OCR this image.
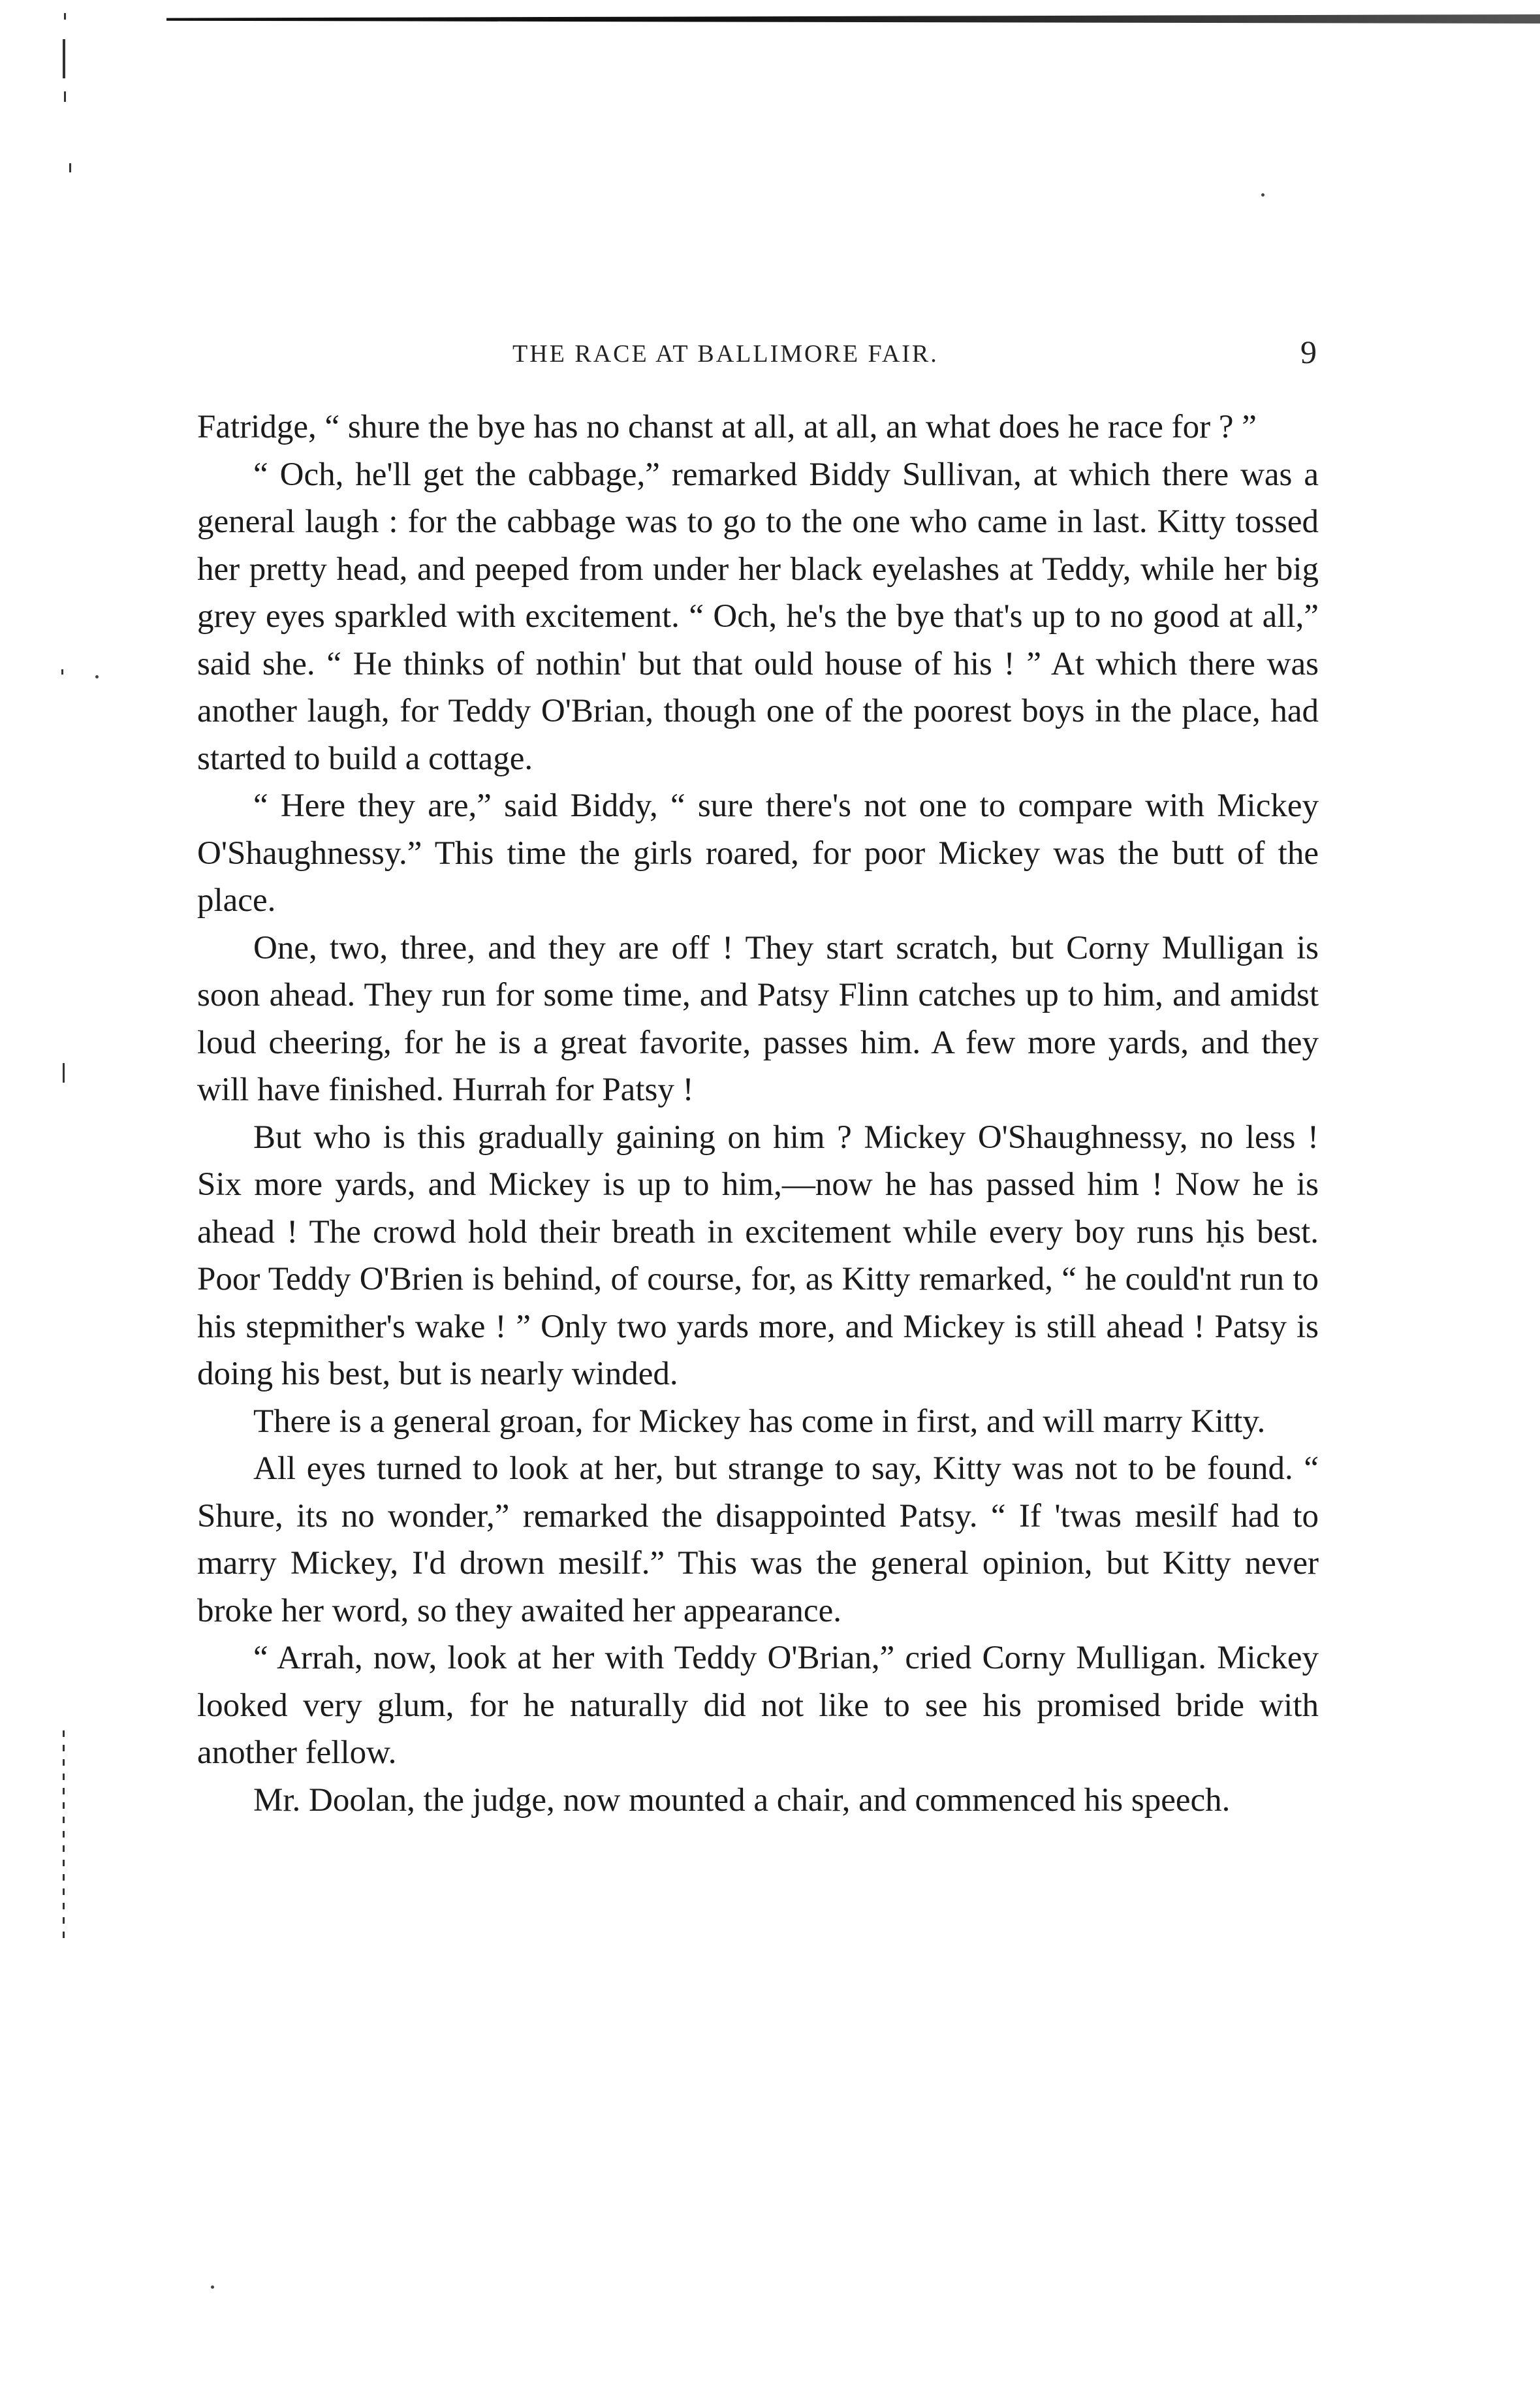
THE RACE AT BALLIMORE FAIR.	9

Fatridge, “ shure the bye has no chanst at all, at all, an what does he race for ? ”

“ Och, he'll get the cabbage,” remarked Biddy Sullivan, at which there was a general laugh : for the cabbage was to go to the one who came in last. Kitty tossed her pretty head, and peeped from under her black eyelashes at Teddy, while her big grey eyes sparkled with excitement. “ Och, he's the bye that's up to no good at all,” said she. “ He thinks of nothin' but that ould house of his ! ” At which there was another laugh, for Teddy O'Brian, though one of the poorest boys in the place, had started to build a cottage.

“ Here they are,” said Biddy, “ sure there's not one to compare with Mickey O'Shaughnessy.” This time the girls roared, for poor Mickey was the butt of the place.

One, two, three, and they are off ! They start scratch, but Corny Mulligan is soon ahead. They run for some time, and Patsy Flinn catches up to him, and amidst loud cheering, for he is a great favorite, passes him. A few more yards, and they will have finished. Hurrah for Patsy !

But who is this gradually gaining on him ? Mickey O'Shaughnessy, no less ! Six more yards, and Mickey is up to him,—now he has passed him ! Now he is ahead ! The crowd hold their breath in excitement while every boy runs his best. Poor Teddy O'Brien is behind, of course, for, as Kitty remarked, “ he could'nt run to his stepmither's wake ! ” Only two yards more, and Mickey is still ahead ! Patsy is doing his best, but is nearly winded.

There is a general groan, for Mickey has come in first, and will marry Kitty.

All eyes turned to look at her, but strange to say, Kitty was not to be found. “ Shure, its no wonder,” remarked the disappointed Patsy. “ If 'twas mesilf had to marry Mickey, I'd drown mesilf.” This was the general opinion, but Kitty never broke her word, so they awaited her appearance.

“ Arrah, now, look at her with Teddy O'Brian,” cried Corny Mulligan. Mickey looked very glum, for he naturally did not like to see his promised bride with another fellow.

Mr. Doolan, the judge, now mounted a chair, and commenced his speech.
